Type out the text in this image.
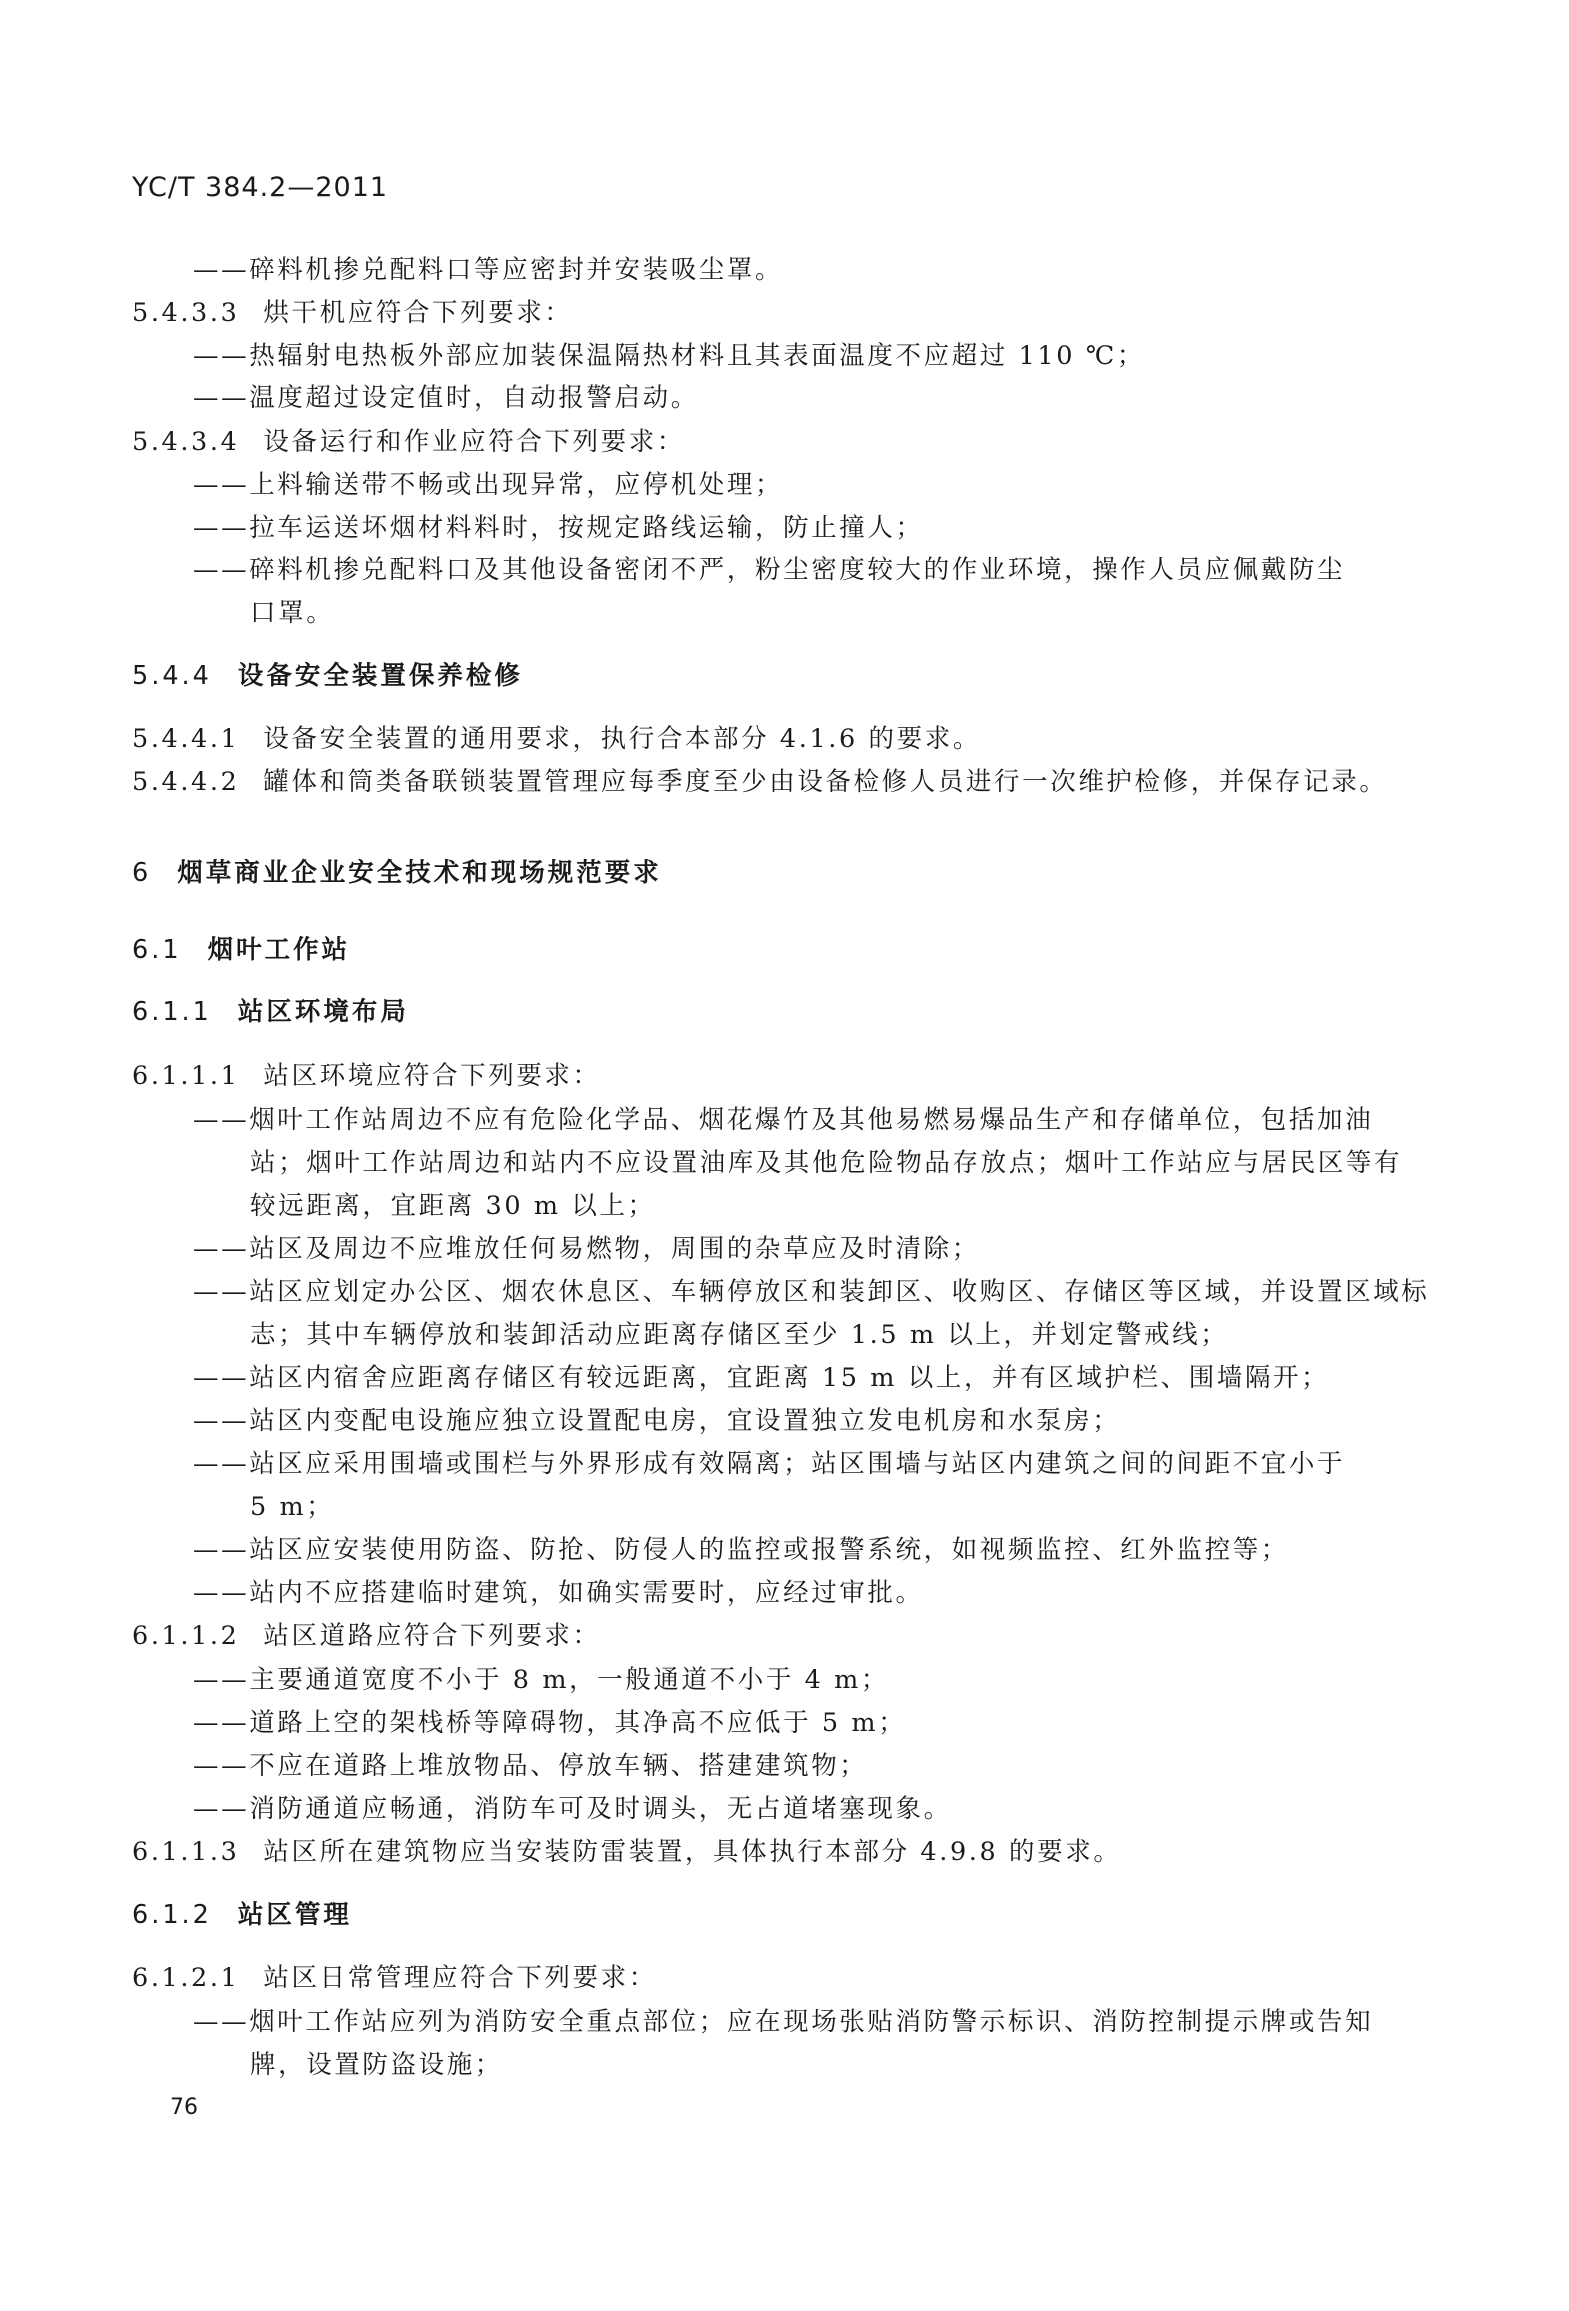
YC/T 384.2—2011
——碎料机掺兑配料口等应密封并安装吸尘罩。
5.4.3.3 烘干机应符合下列要求：
——热辐射电热板外部应加装保温隔热材料且其表面温度不应超过 110 ℃；
——温度超过设定值时，自动报警启动。
5.4.3.4 设备运行和作业应符合下列要求：
——上料输送带不畅或出现异常，应停机处理；
——拉车运送坏烟材料料时，按规定路线运输，防止撞人；
——碎料机掺兑配料口及其他设备密闭不严，粉尘密度较大的作业环境，操作人员应佩戴防尘
口罩。
5.4.4 设备安全装置保养检修
5.4.4.1 设备安全装置的通用要求，执行合本部分 4.1.6 的要求。
5.4.4.2 罐体和筒类备联锁装置管理应每季度至少由设备检修人员进行一次维护检修，并保存记录。
6 烟草商业企业安全技术和现场规范要求
6.1 烟叶工作站
6.1.1 站区环境布局
6.1.1.1 站区环境应符合下列要求：
——烟叶工作站周边不应有危险化学品、烟花爆竹及其他易燃易爆品生产和存储单位，包括加油
站；烟叶工作站周边和站内不应设置油库及其他危险物品存放点；烟叶工作站应与居民区等有
较远距离，宜距离 30 m 以上；
——站区及周边不应堆放任何易燃物，周围的杂草应及时清除；
——站区应划定办公区、烟农休息区、车辆停放区和装卸区、收购区、存储区等区域，并设置区域标
志；其中车辆停放和装卸活动应距离存储区至少 1.5 m 以上，并划定警戒线；
——站区内宿舍应距离存储区有较远距离，宜距离 15 m 以上，并有区域护栏、围墙隔开；
——站区内变配电设施应独立设置配电房，宜设置独立发电机房和水泵房；
——站区应采用围墙或围栏与外界形成有效隔离；站区围墙与站区内建筑之间的间距不宜小于
5 m；
——站区应安装使用防盗、防抢、防侵人的监控或报警系统，如视频监控、红外监控等；
——站内不应搭建临时建筑，如确实需要时，应经过审批。
6.1.1.2 站区道路应符合下列要求：
——主要通道宽度不小于 8 m，一般通道不小于 4 m；
——道路上空的架栈桥等障碍物，其净高不应低于 5 m；
——不应在道路上堆放物品、停放车辆、搭建建筑物；
——消防通道应畅通，消防车可及时调头，无占道堵塞现象。
6.1.1.3 站区所在建筑物应当安装防雷装置，具体执行本部分 4.9.8 的要求。
6.1.2 站区管理
6.1.2.1 站区日常管理应符合下列要求：
——烟叶工作站应列为消防安全重点部位；应在现场张贴消防警示标识、消防控制提示牌或告知
牌，设置防盗设施；
76
